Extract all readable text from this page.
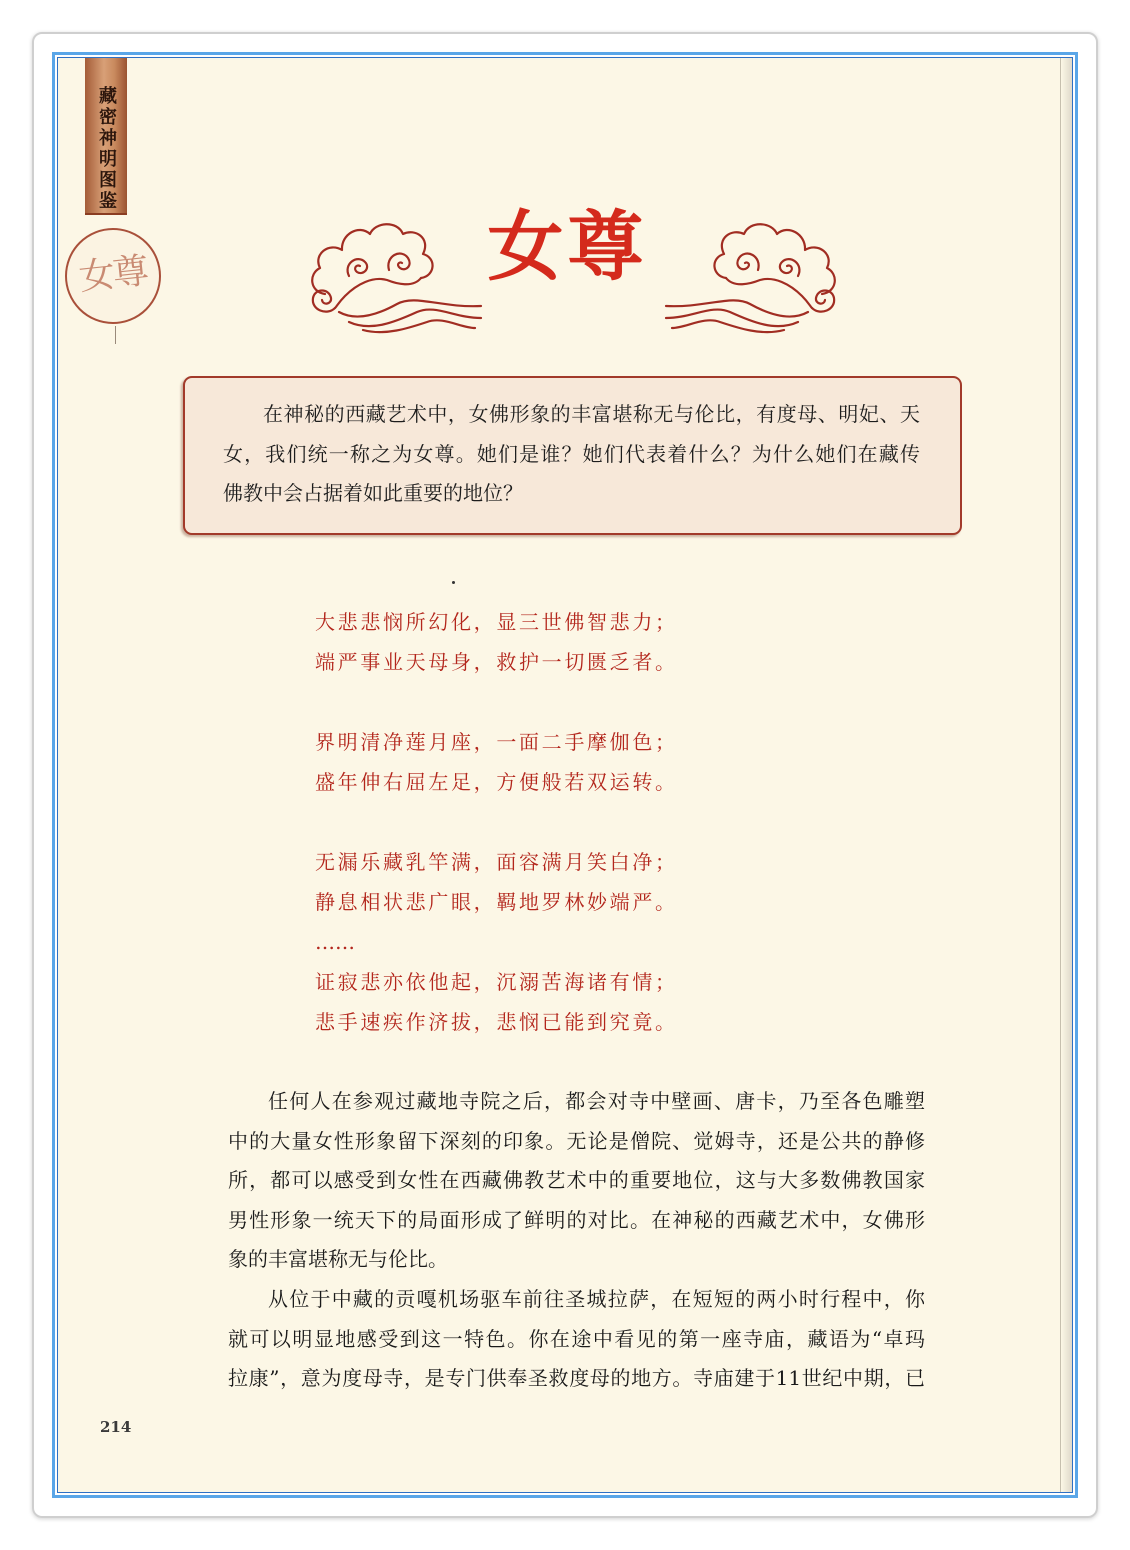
藏密神明图鉴
女尊	女尊
在神秘的西藏艺术中，女佛形象的丰富堪称无与伦比，有度母、明妃、天
女，我们统一称之为女尊。她们是谁？她们代表着什么？为什么她们在藏传
佛教中会占据着如此重要的地位？
大悲悲悯所幻化，显三世佛智悲力；
端严事业天母身，救护一切匮乏者。
界明清净莲月座，一面二手摩伽色；
盛年伸右屈左足，方便般若双运转。
无漏乐藏乳竿满，面容满月笑白净；
静息相状悲广眼，羁地罗林妙端严。
……
证寂悲亦依他起，沉溺苦海诸有情；
悲手速疾作济拔，悲悯已能到究竟。
任何人在参观过藏地寺院之后，都会对寺中壁画、唐卡，乃至各色雕塑
中的大量女性形象留下深刻的印象。无论是僧院、觉姆寺，还是公共的静修
所，都可以感受到女性在西藏佛教艺术中的重要地位，这与大多数佛教国家
男性形象一统天下的局面形成了鲜明的对比。在神秘的西藏艺术中，女佛形
象的丰富堪称无与伦比。
从位于中藏的贡嘎机场驱车前往圣城拉萨，在短短的两小时行程中，你
就可以明显地感受到这一特色。你在途中看见的第一座寺庙，藏语为“卓玛
拉康”，意为度母寺，是专门供奉圣救度母的地方。寺庙建于11世纪中期，已
214
